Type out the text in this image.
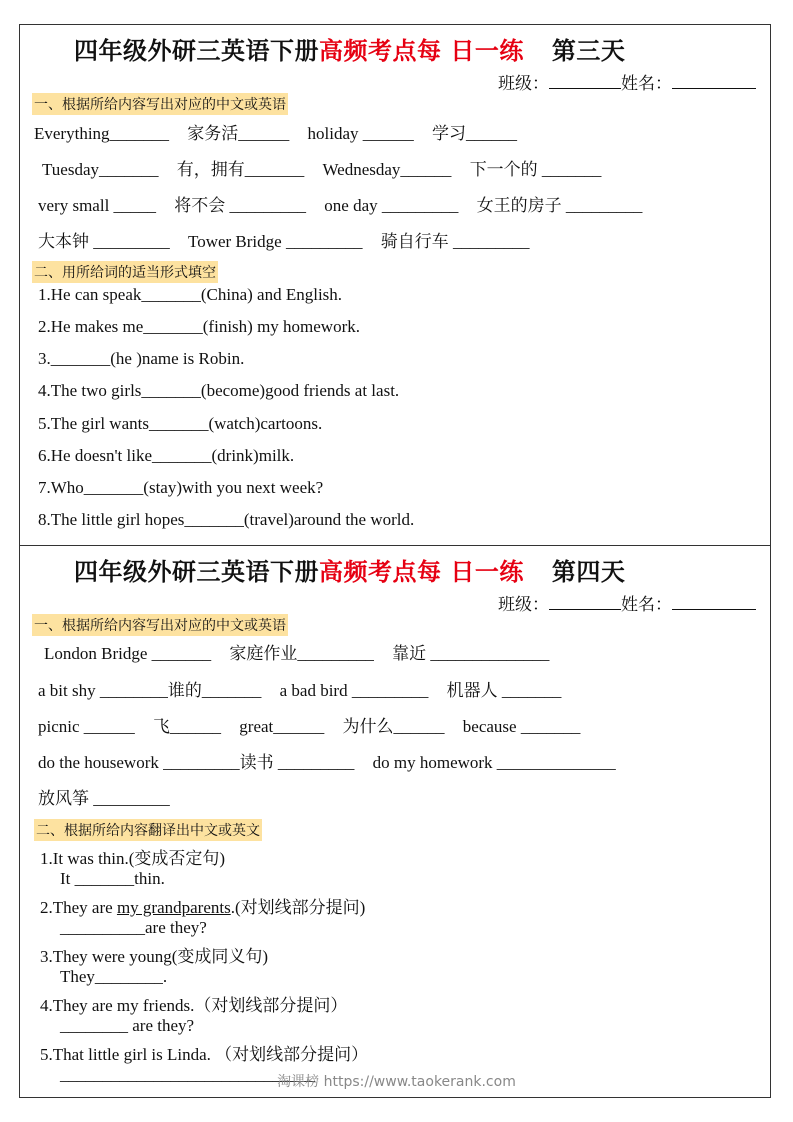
四年级外研三英语下册高频考点每 日一练 第三天
班级：	姓名：
一、根据所给内容写出对应的中文或英语
Everything_______ 家务活______ holiday ______ 学习______
Tuesday_______ 有，拥有_______ Wednesday______ 下一个的 _______
very small _____ 将不会 _________ one day _________ 女王的房子 _________
大本钟 _________ Tower Bridge _________ 骑自行车 _________
二、用所给词的适当形式填空
1.He can speak_______(China) and English.
2.He makes me_______(finish) my homework.
3._______(he )name is Robin.
4.The two girls_______(become)good friends at last.
5.The girl wants_______(watch)cartoons.
6.He doesn't like_______(drink)milk.
7.Who_______(stay)with you next week?
8.The little girl hopes_______(travel)around the world.
四年级外研三英语下册高频考点每 日一练 第四天
班级：	姓名：
一、根据所给内容写出对应的中文或英语
London Bridge _______ 家庭作业_________ 靠近 ______________
a bit shy ________谁的_______ a bad bird _________ 机器人 _______
picnic ______ 飞______ great______ 为什么______ because _______
do the housework _________读书 _________ do my homework ______________
放风筝 _________
二、根据所给内容翻译出中文或英文
1.It was thin.(变成否定句)
It _______thin.
2.They are my grandparents.(对划线部分提问)
__________are they?
3.They were young(变成同义句)
They________.
4.They are my friends.（对划线部分提问）
________ are they?
5.That little girl is Linda. （对划线部分提问）
______________________________
淘课榜 https://www.taokerank.com
